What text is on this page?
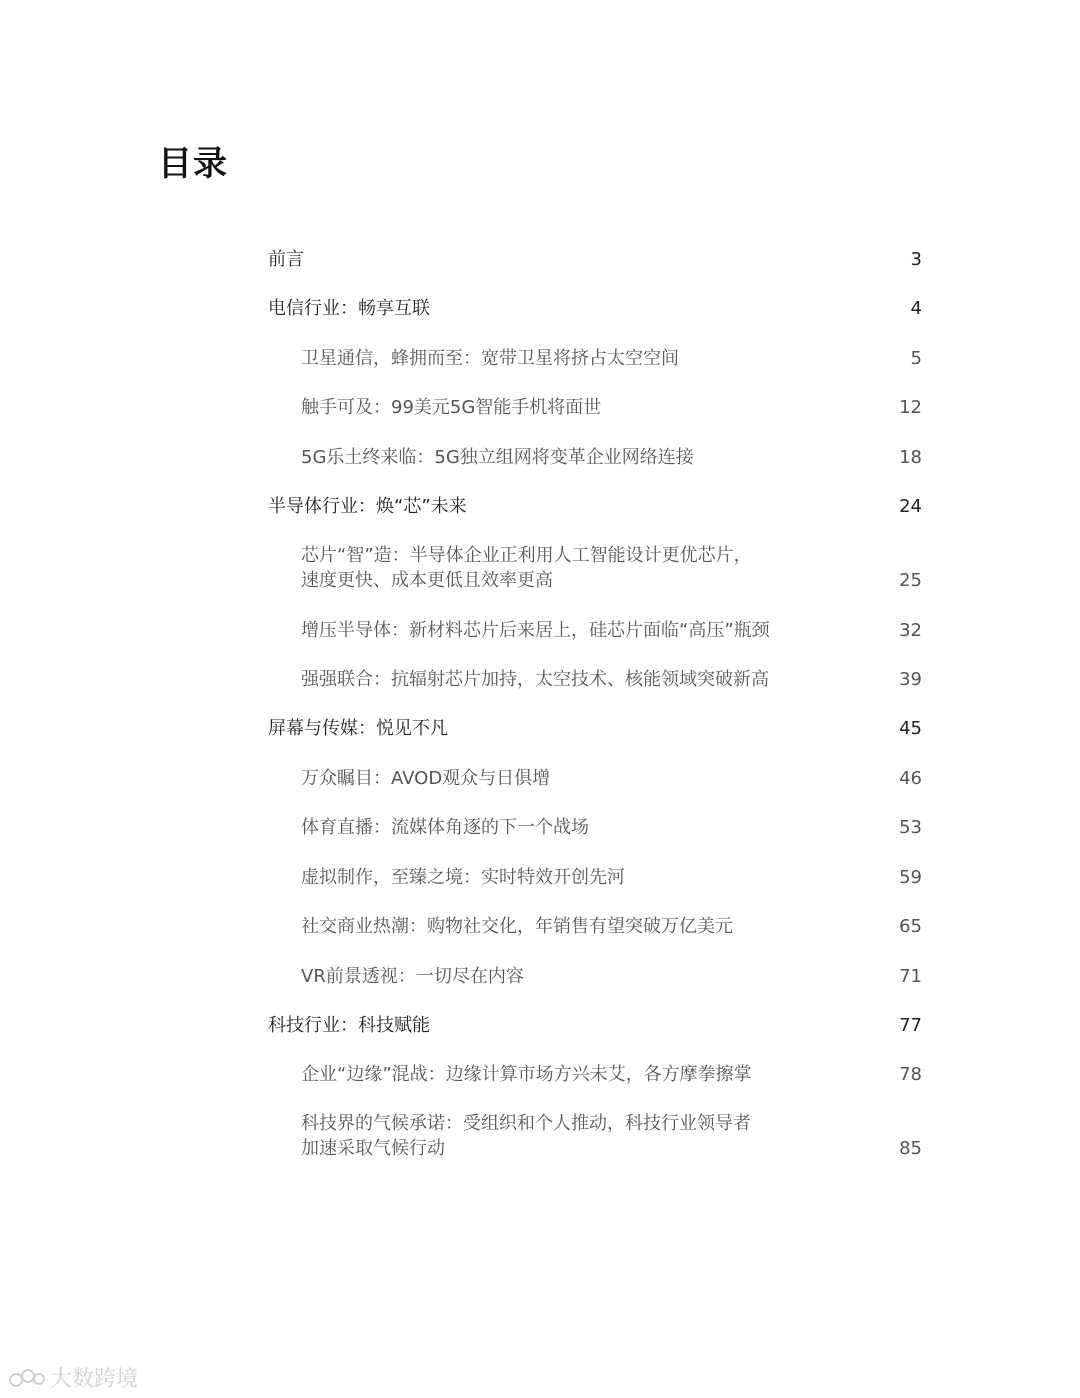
目录
前言	3
电信行业：畅享互联	4
卫星通信，蜂拥而至：宽带卫星将挤占太空空间	5
触手可及：99美元5G智能手机将面世	12
5G乐土终来临：5G独立组网将变革企业网络连接	18
半导体行业：焕“芯”未来	24
芯片“智”造：半导体企业正利用人工智能设计更优芯片，
速度更快、成本更低且效率更高	25
增压半导体：新材料芯片后来居上，硅芯片面临“高压”瓶颈	32
强强联合：抗辐射芯片加持，太空技术、核能领域突破新高	39
屏幕与传媒：悦见不凡	45
万众瞩目：AVOD观众与日俱增	46
体育直播：流媒体角逐的下一个战场	53
虚拟制作，至臻之境：实时特效开创先河	59
社交商业热潮：购物社交化，年销售有望突破万亿美元	65
VR前景透视：一切尽在内容	71
科技行业：科技赋能	77
企业“边缘”混战：边缘计算市场方兴未艾，各方摩拳擦掌	78
科技界的气候承诺：受组织和个人推动，科技行业领导者
加速采取气候行动	85
大数跨境
